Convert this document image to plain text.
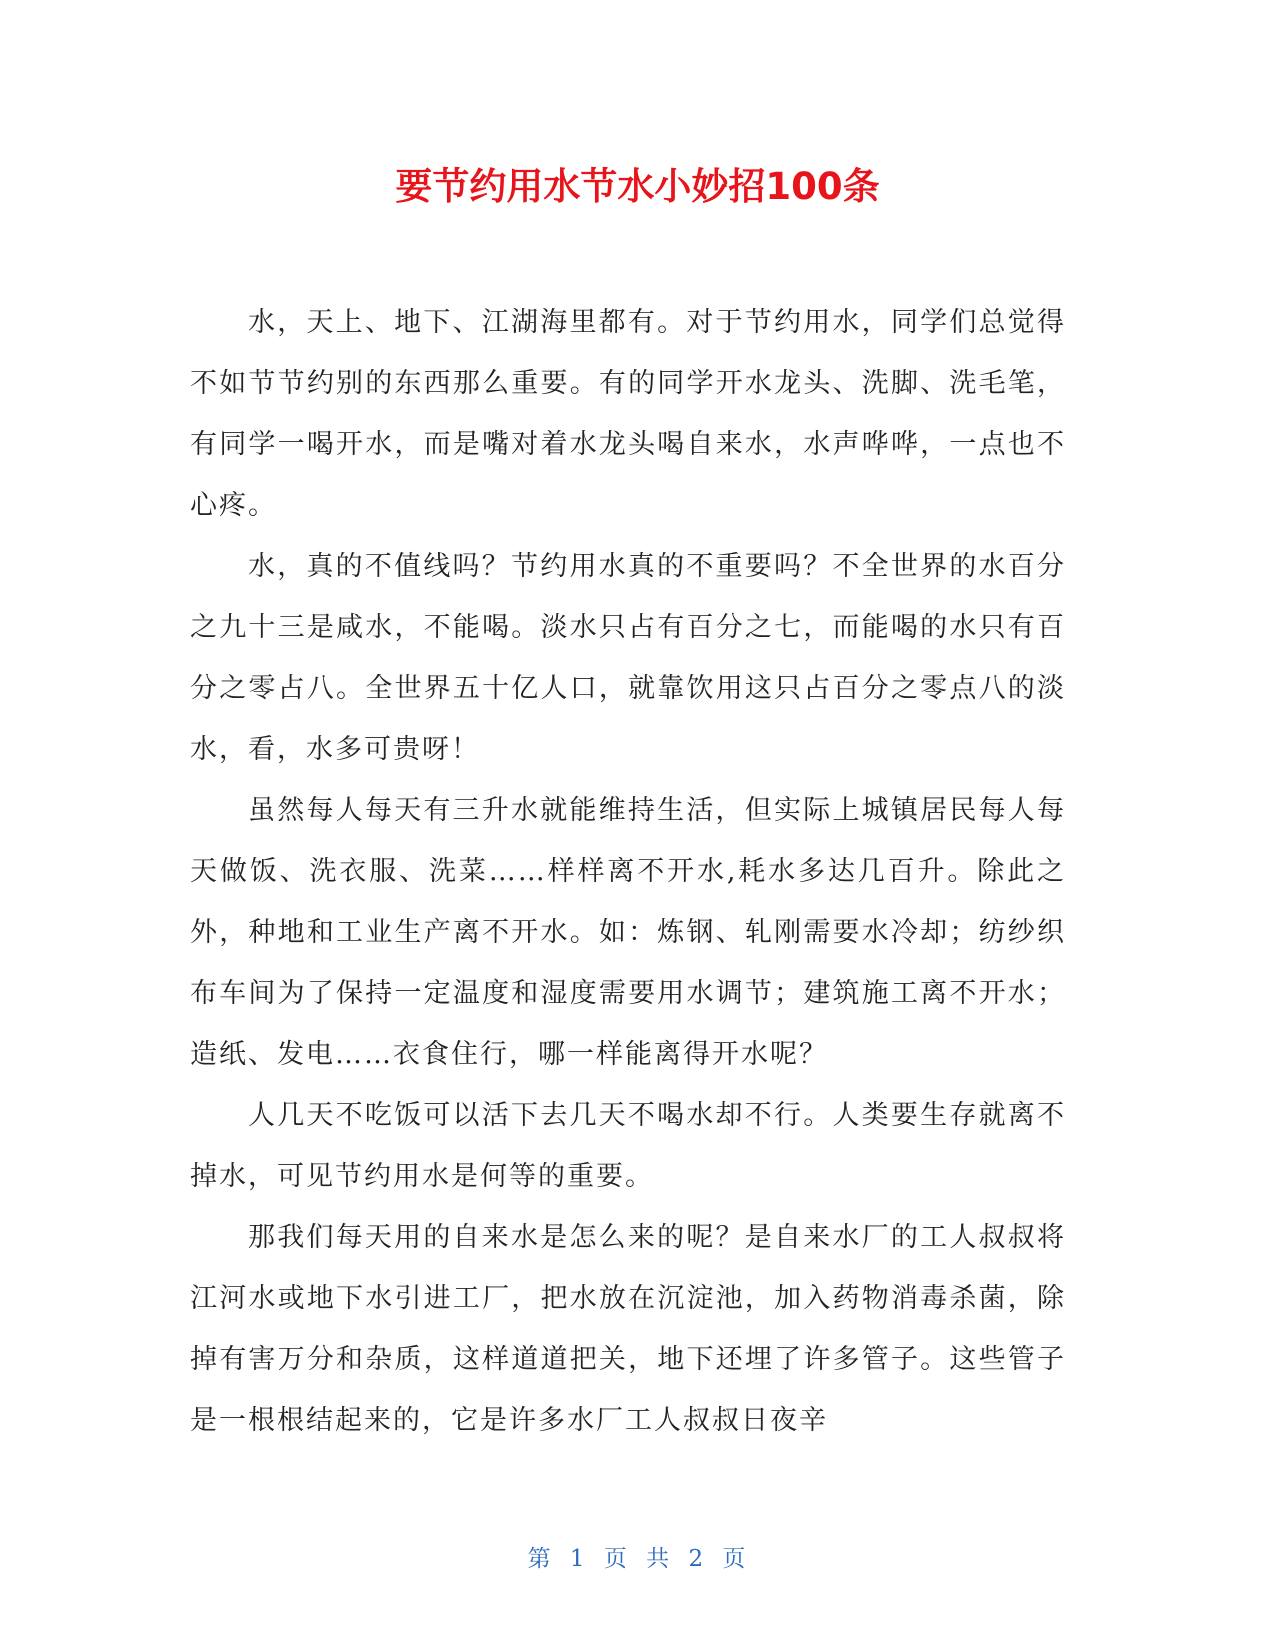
要节约用水节水小妙招100条

水，天上、地下、江湖海里都有。对于节约用水，同学们总觉得不如节节约别的东西那么重要。有的同学开水龙头、洗脚、洗毛笔，有同学一喝开水，而是嘴对着水龙头喝自来水，水声哗哗，一点也不心疼。

水，真的不值线吗？节约用水真的不重要吗？不全世界的水百分之九十三是咸水，不能喝。淡水只占有百分之七，而能喝的水只有百分之零占八。全世界五十亿人口，就靠饮用这只占百分之零点八的淡水，看，水多可贵呀！

虽然每人每天有三升水就能维持生活，但实际上城镇居民每人每天做饭、洗衣服、洗菜……样样离不开水,耗水多达几百升。除此之外，种地和工业生产离不开水。如：炼钢、轧刚需要水冷却；纺纱织布车间为了保持一定温度和湿度需要用水调节；建筑施工离不开水；造纸、发电……衣食住行，哪一样能离得开水呢？

人几天不吃饭可以活下去几天不喝水却不行。人类要生存就离不掉水，可见节约用水是何等的重要。

那我们每天用的自来水是怎么来的呢？是自来水厂的工人叔叔将江河水或地下水引进工厂，把水放在沉淀池，加入药物消毒杀菌，除掉有害万分和杂质，这样道道把关，地下还埋了许多管子。这些管子是一根根结起来的，它是许多水厂工人叔叔日夜辛

第 1 页 共 2 页
